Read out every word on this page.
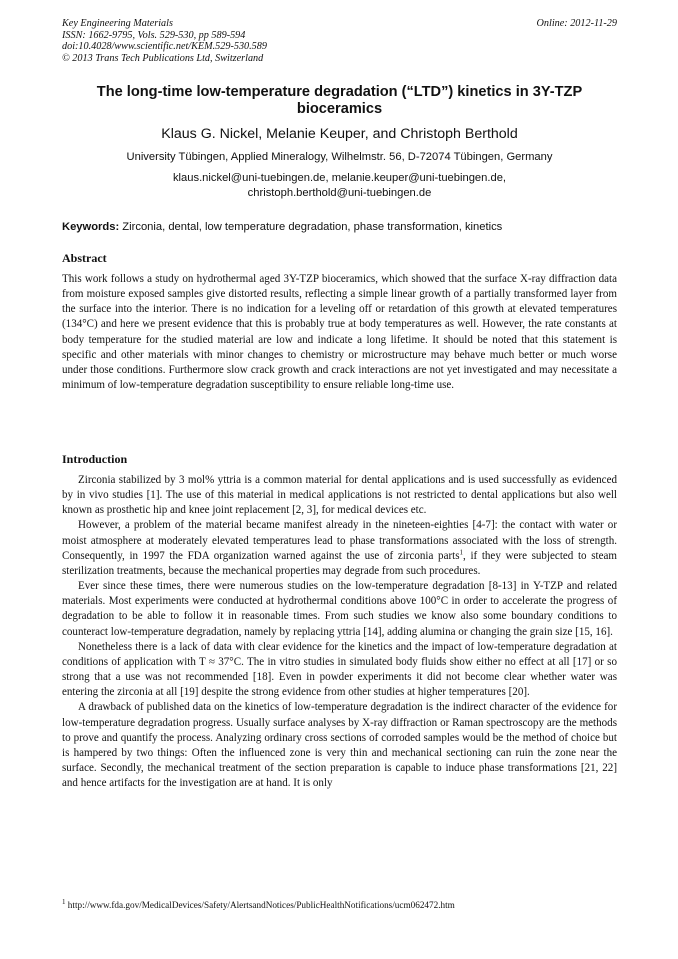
Key Engineering Materials
ISSN: 1662-9795, Vols. 529-530, pp 589-594
doi:10.4028/www.scientific.net/KEM.529-530.589
© 2013 Trans Tech Publications Ltd, Switzerland
Online: 2012-11-29
The long-time low-temperature degradation (“LTD”) kinetics in 3Y-TZP bioceramics
Klaus G. Nickel, Melanie Keuper, and Christoph Berthold
University Tübingen, Applied Mineralogy, Wilhelmstr. 56, D-72074 Tübingen, Germany
klaus.nickel@uni-tuebingen.de, melanie.keuper@uni-tuebingen.de,
christoph.berthold@uni-tuebingen.de
Keywords: Zirconia, dental, low temperature degradation, phase transformation, kinetics
Abstract

This work follows a study on hydrothermal aged 3Y-TZP bioceramics, which showed that the surface X-ray diffraction data from moisture exposed samples give distorted results, reflecting a simple linear growth of a partially transformed layer from the surface into the interior. There is no indication for a leveling off or retardation of this growth at elevated temperatures (134°C) and here we present evidence that this is probably true at body temperatures as well. However, the rate constants at body temperature for the studied material are low and indicate a long lifetime. It should be noted that this statement is specific and other materials with minor changes to chemistry or microstructure may behave much better or much worse under those conditions. Furthermore slow crack growth and crack interactions are not yet investigated and may necessitate a minimum of low-temperature degradation susceptibility to ensure reliable long-time use.

Introduction

Zirconia stabilized by 3 mol% yttria is a common material for dental applications and is used successfully as evidenced by in vivo studies [1]. The use of this material in medical applications is not restricted to dental applications but also well known as prosthetic hip and knee joint replacement [2, 3], for medical devices etc.

However, a problem of the material became manifest already in the nineteen-eighties [4-7]: the contact with water or moist atmosphere at moderately elevated temperatures lead to phase transformations associated with the loss of strength. Consequently, in 1997 the FDA organization warned against the use of zirconia parts$^1$, if they were subjected to steam sterilization treatments, because the mechanical properties may degrade from such procedures.

Ever since these times, there were numerous studies on the low-temperature degradation [8-13] in Y-TZP and related materials. Most experiments were conducted at hydrothermal conditions above 100°C in order to accelerate the progress of degradation to be able to follow it in reasonable times. From such studies we know also some boundary conditions to counteract low-temperature degradation, namely by replacing yttria [14], adding alumina or changing the grain size [15, 16].

Nonetheless there is a lack of data with clear evidence for the kinetics and the impact of low-temperature degradation at conditions of application with T ≈ 37°C. The in vitro studies in simulated body fluids show either no effect at all [17] or so strong that a use was not recommended [18]. Even in powder experiments it did not become clear whether water was entering the zirconia at all [19] despite the strong evidence from other studies at higher temperatures [20].

A drawback of published data on the kinetics of low-temperature degradation is the indirect character of the evidence for low-temperature degradation progress. Usually surface analyses by X-ray diffraction or Raman spectroscopy are the methods to prove and quantify the process. Analyzing ordinary cross sections of corroded samples would be the method of choice but is hampered by two things: Often the influenced zone is very thin and mechanical sectioning can ruin the zone near the surface. Secondly, the mechanical treatment of the section preparation is capable to induce phase transformations [21, 22] and hence artifacts for the investigation are at hand. It is only

$^1$ http://www.fda.gov/MedicalDevices/Safety/AlertsandNotices/PublicHealthNotifications/ucm062472.htm
